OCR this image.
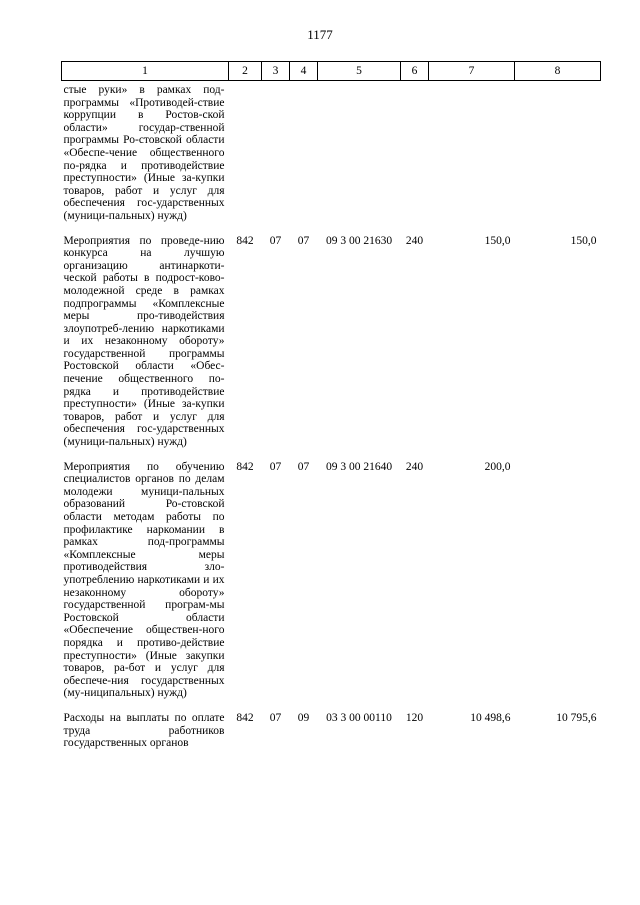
1177
1	2	3	4	5	6	7	8
стые руки» в рамках под-программы «Противодей-ствие коррупции в Ростов-ской области» государ-ственной программы Ро-стовской области «Обеспе-чение общественного по-рядка и противодействие преступности» (Иные за-купки товаров, работ и услуг для обеспечения гос-ударственных (муници-пальных) нужд)							
Мероприятия по проведе-нию конкурса на лучшую организацию антинаркоти-ческой работы в подрост-ково-молодежной среде в рамках подпрограммы «Комплексные меры про-тиводействия злоупотреб-лению наркотиками и их незаконному обороту» государственной программы Ростовской области «Обес-печение общественного по-рядка и противодействие преступности» (Иные за-купки товаров, работ и услуг для обеспечения гос-ударственных (муници-пальных) нужд)	842	07	07	09 3 00 21630	240	150,0	150,0
Мероприятия по обучению специалистов органов по делам молодежи муници-пальных образований Ро-стовской области методам работы по профилактике наркомании в рамках под-программы «Комплексные меры противодействия зло-употреблению наркотиками и их незаконному обороту» государственной програм-мы Ростовской области «Обеспечение обществен-ного порядка и противо-действие преступности» (Иные закупки товаров, ра-бот и услуг для обеспече-ния государственных (му-ниципальных) нужд)	842	07	07	09 3 00 21640	240	200,0	
Расходы на выплаты по оплате труда работников государственных органов	842	07	09	03 3 00 00110	120	10 498,6	10 795,6
